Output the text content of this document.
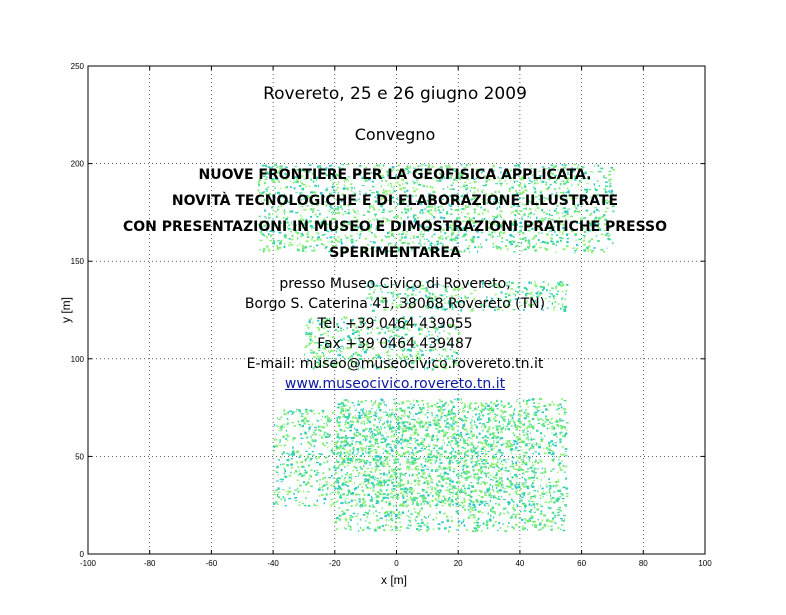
-100	-80	-60	-40	-20	0	20	40	60	80	100
0
50
100
150
200
250
x [m]
y [m]
Rovereto, 25 e 26 giugno 2009
Convegno
NUOVE FRONTIERE PER LA GEOFISICA APPLICATA.
NOVITÀ TECNOLOGICHE E DI ELABORAZIONE ILLUSTRATE
CON PRESENTAZIONI IN MUSEO E DIMOSTRAZIONI PRATICHE PRESSO
SPERIMENTAREA
presso Museo Civico di Rovereto,
Borgo S. Caterina 41, 38068 Rovereto (TN)
Tel. +39 0464 439055
Fax +39 0464 439487
E-mail: museo@museocivico.rovereto.tn.it
www.museocivico.rovereto.tn.it
